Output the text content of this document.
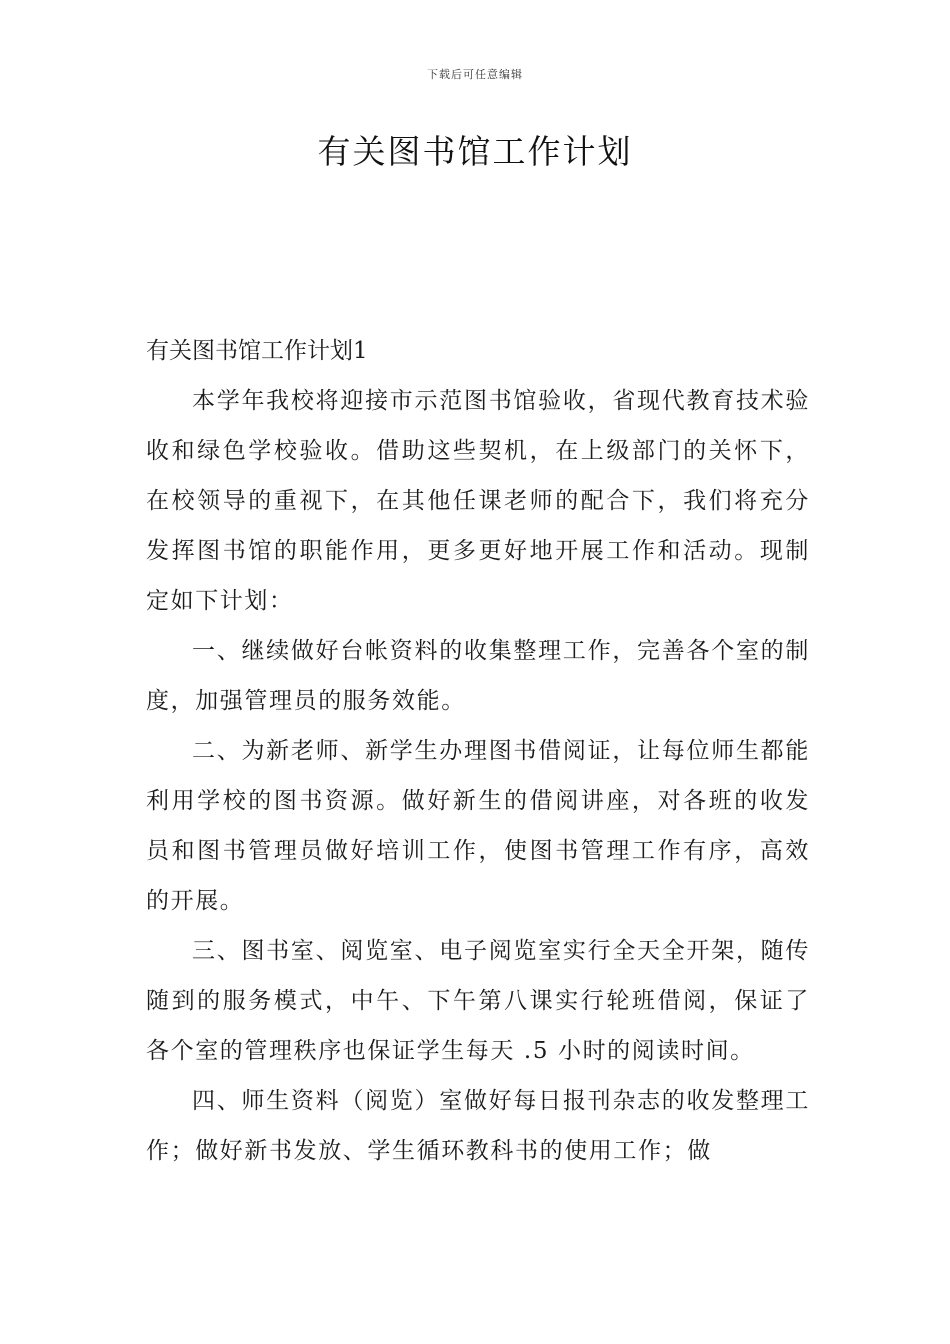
下载后可任意编辑
有关图书馆工作计划
有关图书馆工作计划1

本学年我校将迎接市示范图书馆验收，省现代教育技术验收和绿色学校验收。借助这些契机，在上级部门的关怀下，在校领导的重视下，在其他任课老师的配合下，我们将充分发挥图书馆的职能作用，更多更好地开展工作和活动。现制定如下计划：

一、继续做好台帐资料的收集整理工作，完善各个室的制度，加强管理员的服务效能。

二、为新老师、新学生办理图书借阅证，让每位师生都能利用学校的图书资源。做好新生的借阅讲座，对各班的收发员和图书管理员做好培训工作，使图书管理工作有序，高效的开展。

三、图书室、阅览室、电子阅览室实行全天全开架，随传随到的服务模式，中午、下午第八课实行轮班借阅，保证了各个室的管理秩序也保证学生每天 .5 小时的阅读时间。

四、师生资料（阅览）室做好每日报刊杂志的收发整理工作；做好新书发放、学生循环教科书的使用工作；做
